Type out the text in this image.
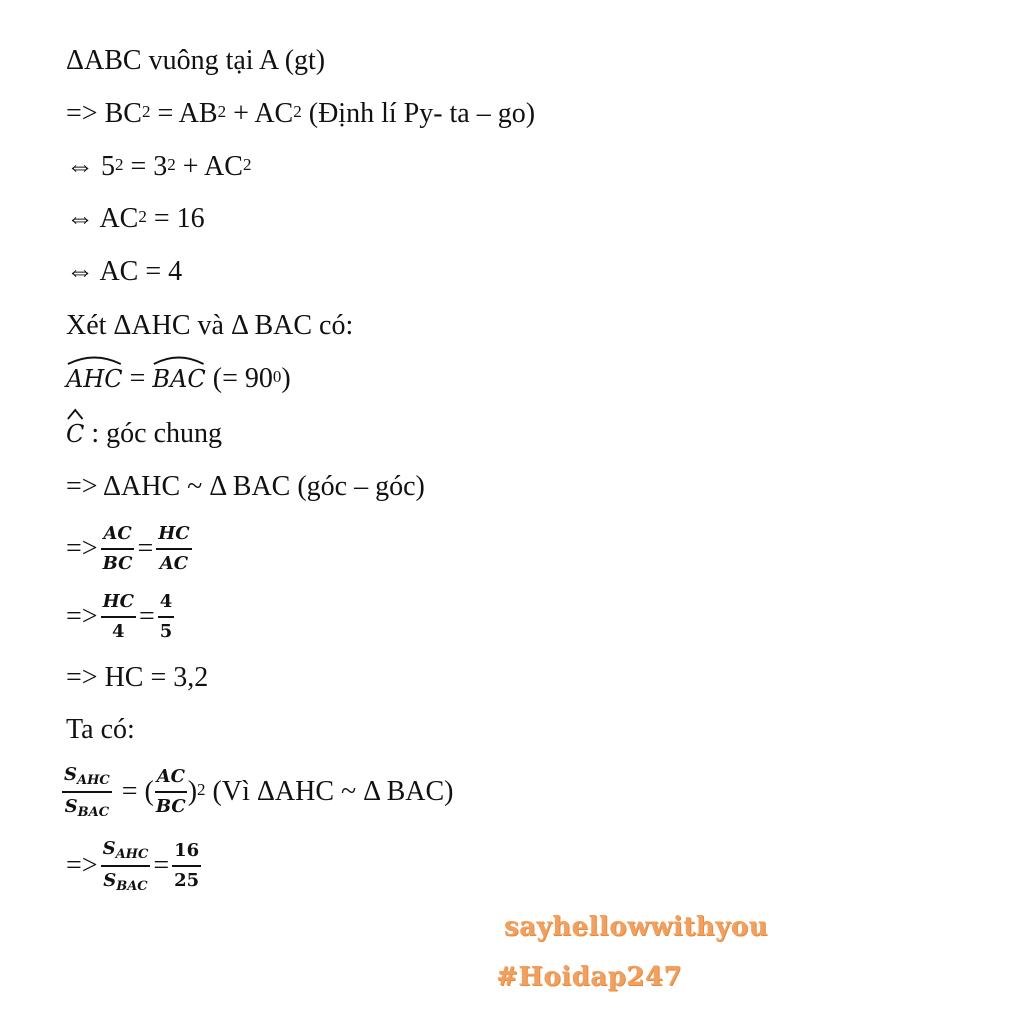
ΔABC vuông tại A (gt)
=> $BC^2 = AB^2 + AC^2$ (Định lí Py- ta – go)
⇔ $5^2 = 3^2 + AC^2$
⇔ $AC^2 = 16$
⇔ AC = 4
Xét ΔAHC và Δ BAC có:
AHC = BAC (= $90^0$ )
C : góc chung
=> ΔAHC ~ Δ BAC (góc – góc)
=> $\frac{AC}{BC} = \frac{HC}{AC}$
=> $\frac{HC}{4} = \frac{4}{5}$
=> HC = 3,2
Ta có:
$\frac{S_{AHC}}{S_{BAC}}$ = ( $\frac{AC}{BC} )^2$ (Vì ΔAHC ~ Δ BAC)
=> $\frac{S_{AHC}}{S_{BAC}} = \frac{16}{25}$
sayhellowwithyou
#Hoidap247
